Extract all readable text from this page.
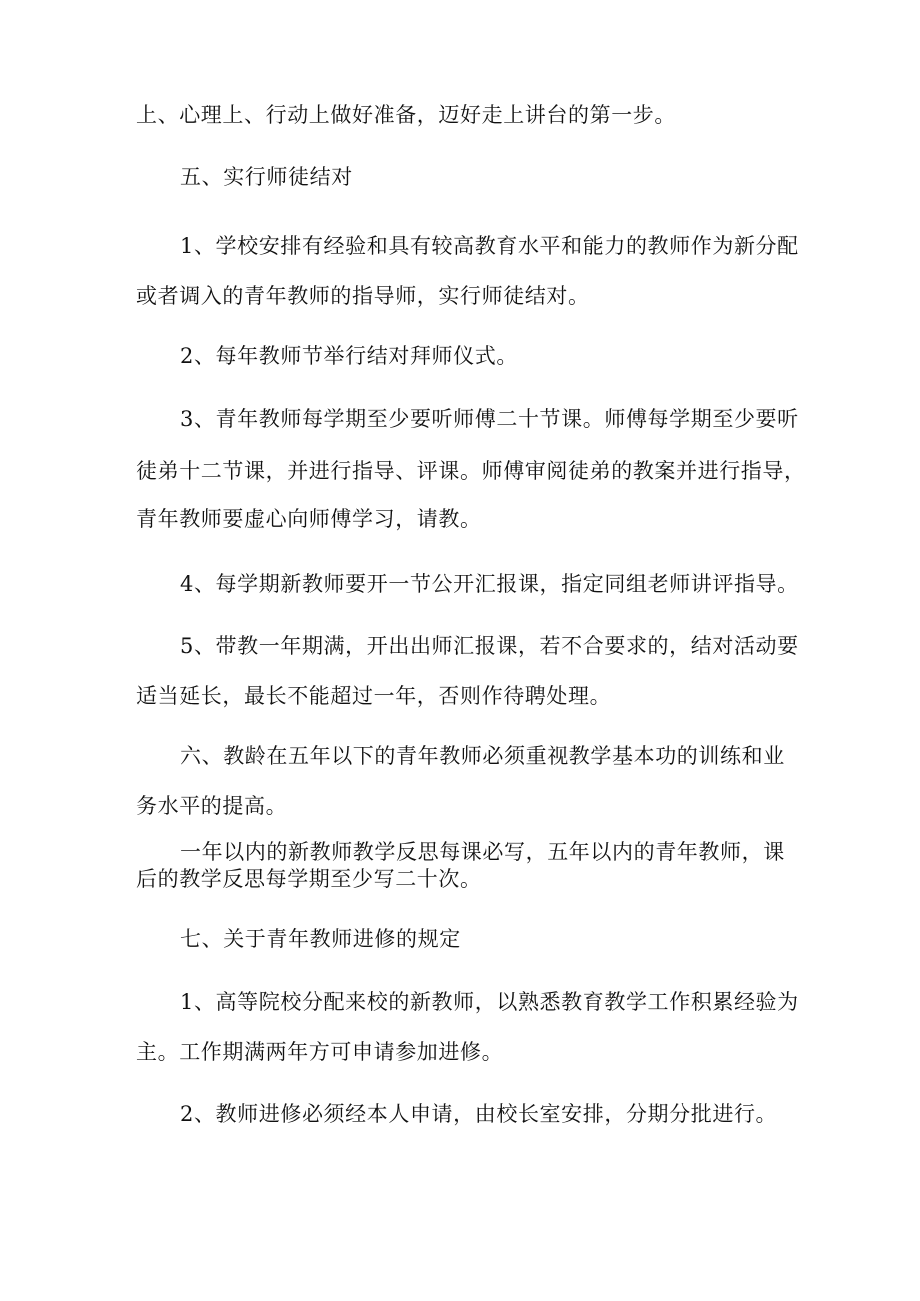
上、心理上、行动上做好准备，迈好走上讲台的第一步。
五、实行师徒结对
1、学校安排有经验和具有较高教育水平和能力的教师作为新分配
或者调入的青年教师的指导师，实行师徒结对。
2、每年教师节举行结对拜师仪式。
3、青年教师每学期至少要听师傅二十节课。师傅每学期至少要听
徒弟十二节课，并进行指导、评课。师傅审阅徒弟的教案并进行指导，
青年教师要虚心向师傅学习，请教。
4、每学期新教师要开一节公开汇报课，指定同组老师讲评指导。
5、带教一年期满，开出出师汇报课，若不合要求的，结对活动要
适当延长，最长不能超过一年，否则作待聘处理。
六、教龄在五年以下的青年教师必须重视教学基本功的训练和业
务水平的提高。
一年以内的新教师教学反思每课必写，五年以内的青年教师，课
后的教学反思每学期至少写二十次。
七、关于青年教师进修的规定
1、高等院校分配来校的新教师，以熟悉教育教学工作积累经验为
主。工作期满两年方可申请参加进修。
2、教师进修必须经本人申请，由校长室安排，分期分批进行。
